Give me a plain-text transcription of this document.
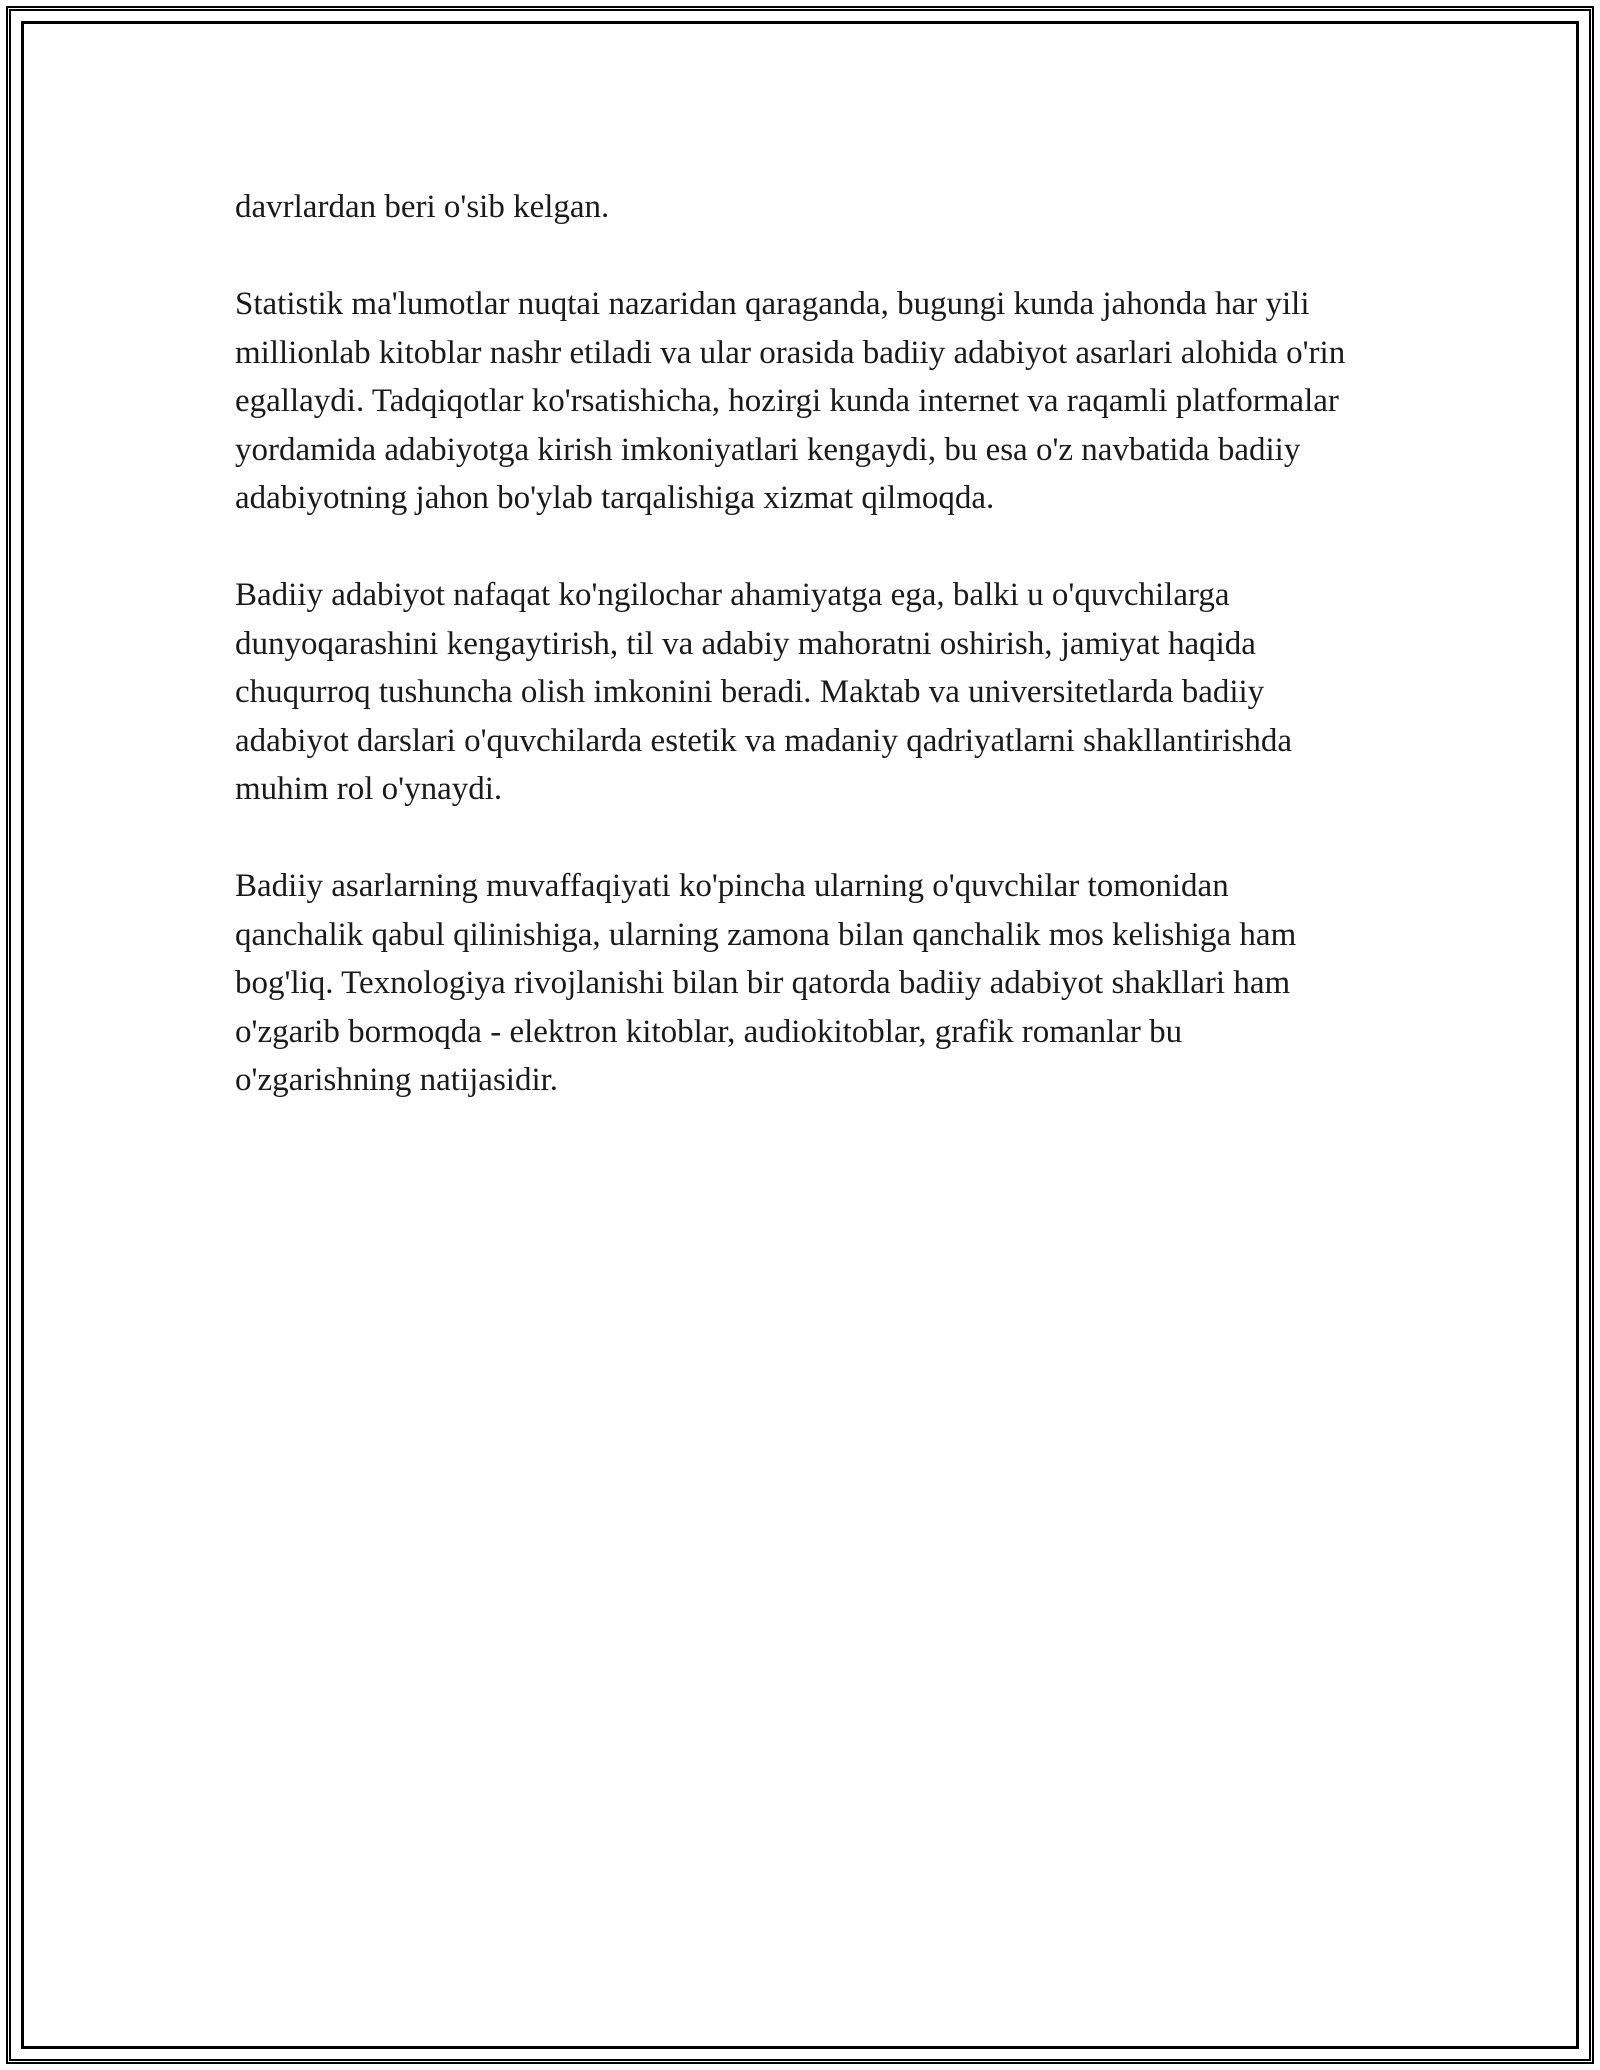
davrlardan beri o'sib kelgan.

Statistik ma'lumotlar nuqtai nazaridan qaraganda, bugungi kunda jahonda har yili millionlab kitoblar nashr etiladi va ular orasida badiiy adabiyot asarlari alohida o'rin egallaydi. Tadqiqotlar ko'rsatishicha, hozirgi kunda internet va raqamli platformalar yordamida adabiyotga kirish imkoniyatlari kengaydi, bu esa o'z navbatida badiiy adabiyotning jahon bo'ylab tarqalishiga xizmat qilmoqda.

Badiiy adabiyot nafaqat ko'ngilochar ahamiyatga ega, balki u o'quvchilarga dunyoqarashini kengaytirish, til va adabiy mahoratni oshirish, jamiyat haqida chuqurroq tushuncha olish imkonini beradi. Maktab va universitetlarda badiiy adabiyot darslari o'quvchilarda estetik va madaniy qadriyatlarni shakllantirishda muhim rol o'ynaydi.

Badiiy asarlarning muvaffaqiyati ko'pincha ularning o'quvchilar tomonidan qanchalik qabul qilinishiga, ularning zamona bilan qanchalik mos kelishiga ham bog'liq. Texnologiya rivojlanishi bilan bir qatorda badiiy adabiyot shakllari ham o'zgarib bormoqda - elektron kitoblar, audiokitoblar, grafik romanlar bu o'zgarishning natijasidir.
